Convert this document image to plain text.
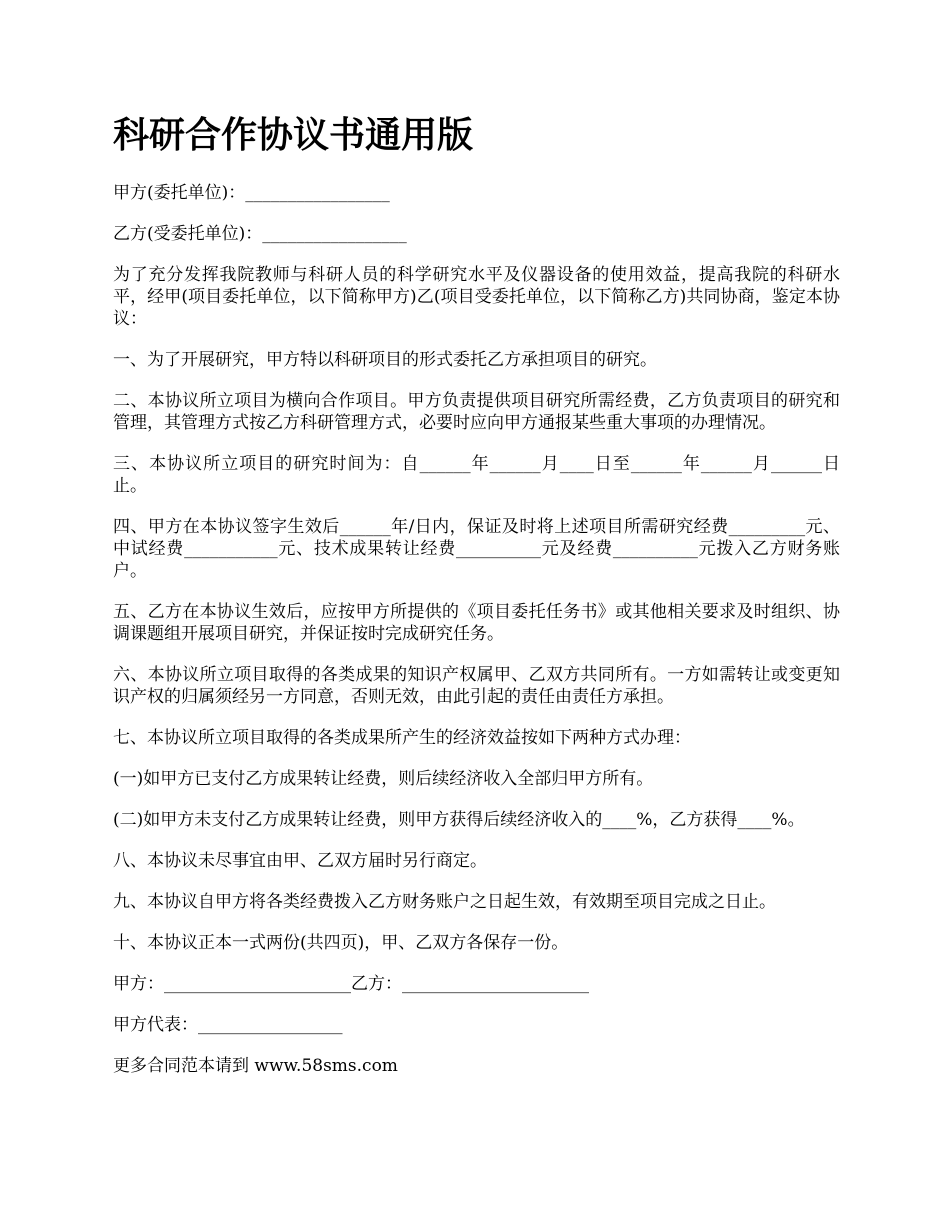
科研合作协议书通用版

甲方(委托单位)：_________________

乙方(受委托单位)：_________________

为了充分发挥我院教师与科研人员的科学研究水平及仪器设备的使用效益，提高我院的科研水平，经甲(项目委托单位，以下简称甲方)乙(项目受委托单位，以下简称乙方)共同协商，鉴定本协议：

一、为了开展研究，甲方特以科研项目的形式委托乙方承担项目的研究。

二、本协议所立项目为横向合作项目。甲方负责提供项目研究所需经费，乙方负责项目的研究和管理，其管理方式按乙方科研管理方式，必要时应向甲方通报某些重大事项的办理情况。

三、本协议所立项目的研究时间为：自______年______月____日至______年______月______日止。

四、甲方在本协议签字生效后______年/日内，保证及时将上述项目所需研究经费_________元、中试经费___________元、技术成果转让经费__________元及经费__________元拨入乙方财务账户。

五、乙方在本协议生效后，应按甲方所提供的《项目委托任务书》或其他相关要求及时组织、协调课题组开展项目研究，并保证按时完成研究任务。

六、本协议所立项目取得的各类成果的知识产权属甲、乙双方共同所有。一方如需转让或变更知识产权的归属须经另一方同意，否则无效，由此引起的责任由责任方承担。

七、本协议所立项目取得的各类成果所产生的经济效益按如下两种方式办理：

(一)如甲方已支付乙方成果转让经费，则后续经济收入全部归甲方所有。

(二)如甲方未支付乙方成果转让经费，则甲方获得后续经济收入的____%，乙方获得____%。

八、本协议未尽事宜由甲、乙双方届时另行商定。

九、本协议自甲方将各类经费拨入乙方财务账户之日起生效，有效期至项目完成之日止。

十、本协议正本一式两份(共四页)，甲、乙双方各保存一份。

甲方：______________________乙方：______________________

甲方代表：_________________

更多合同范本请到 www.58sms.com
